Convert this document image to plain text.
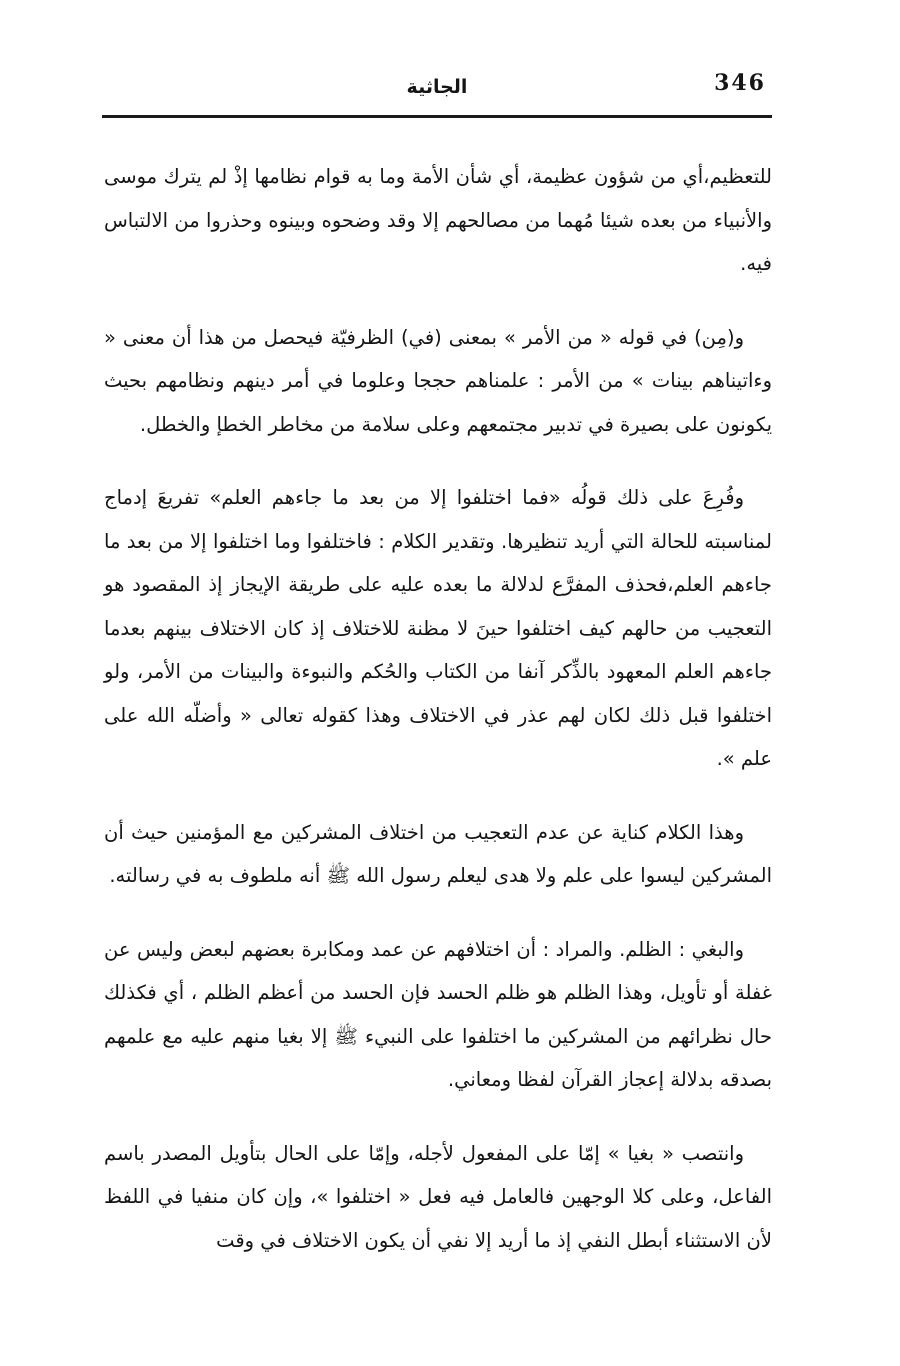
346
الجاثية

للتعظيم،أي من شؤون عظيمة، أي شأن الأمة وما به قوام نظامها إذْ لم يترك موسى والأنبياء من بعده شيئا مُهما من مصالحهم إلا وقد وضحوه وبينوه وحذروا من الالتباس فيه.

و(مِن) في قوله « من الأمر » بمعنى (في) الظرفيّة فيحصل من هذا أن معنى « وءاتيناهم بينات » من الأمر : علمناهم حججا وعلوما في أمر دينهم ونظامهم بحيث يكونون على بصيرة في تدبير مجتمعهم وعلى سلامة من مخاطر الخطإ والخطل.

وفُرِعَ على ذلك قولُه «فما اختلفوا إلا من بعد ما جاءهم العلم» تفريعَ إدماج لمناسبته للحالة التي أريد تنظيرها. وتقدير الكلام : فاختلفوا وما اختلفوا إلا من بعد ما جاءهم العلم،فحذف المفرَّع لدلالة ما بعده عليه على طريقة الإيجاز إذ المقصود هو التعجيب من حالهم كيف اختلفوا حينَ لا مظنة للاختلاف إذ كان الاختلاف بينهم بعدما جاءهم العلم المعهود بالذِّكر آنفا من الكتاب والحُكم والنبوءة والبينات من الأمر، ولو اختلفوا قبل ذلك لكان لهم عذر في الاختلاف وهذا كقوله تعالى « وأضلّه الله على علم ».

وهذا الكلام كناية عن عدم التعجيب من اختلاف المشركين مع المؤمنين حيث أن المشركين ليسوا على علم ولا هدى ليعلم رسول الله ﷺ أنه ملطوف به في رسالته.

والبغي : الظلم. والمراد : أن اختلافهم عن عمد ومكابرة بعضهم لبعض وليس عن غفلة أو تأويل، وهذا الظلم هو ظلم الحسد فإن الحسد من أعظم الظلم ، أي فكذلك حال نظرائهم من المشركين ما اختلفوا على النبيء ﷺ إلا بغيا منهم عليه مع علمهم بصدقه بدلالة إعجاز القرآن لفظا ومعاني.

وانتصب « بغيا » إمّا على المفعول لأجله، وإمّا على الحال بتأويل المصدر باسم الفاعل، وعلى كلا الوجهين فالعامل فيه فعل « اختلفوا »، وإن كان منفيا في اللفظ لأن الاستثناء أبطل النفي إذ ما أريد إلا نفي أن يكون الاختلاف في وقت
